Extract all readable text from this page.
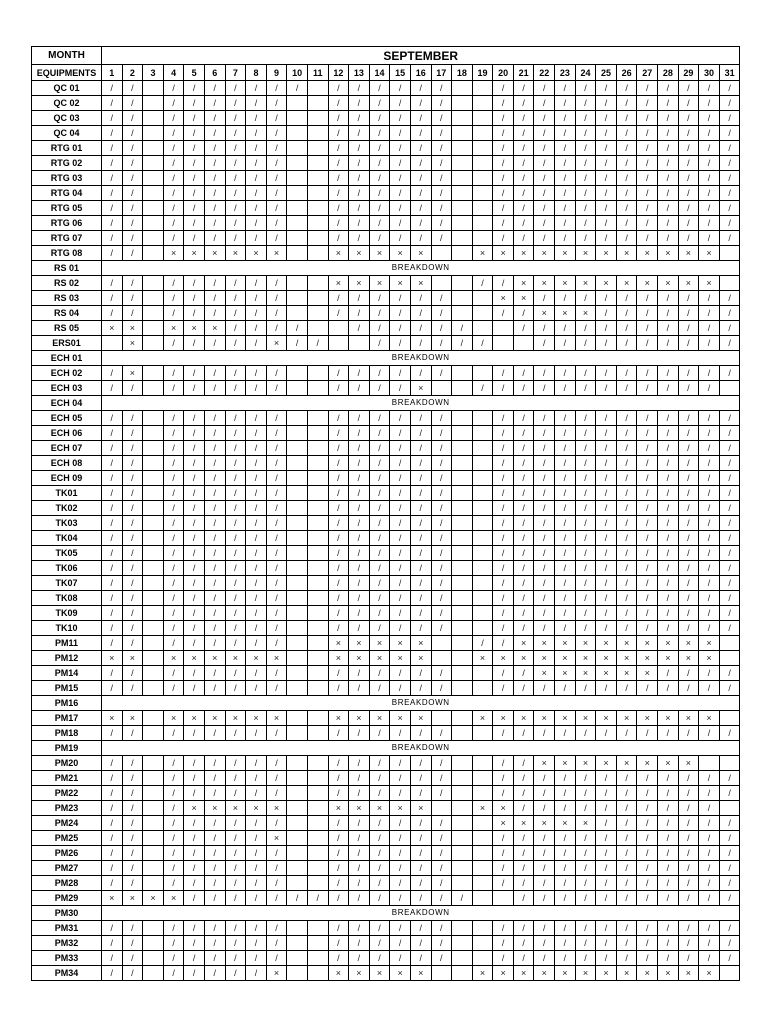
MONTH	SEPTEMBER																														
EQUIPMENTS	1	2	3	4	5	6	7	8	9	10	11	12	13	14	15	16	17	18	19	20	21	22	23	24	25	26	27	28	29	30	31
QC 01	/	/		/	/	/	/	/	/	/		/	/	/	/	/	/			/	/	/	/	/	/	/	/	/	/	/	/
QC 02	/	/		/	/	/	/	/	/			/	/	/	/	/	/			/	/	/	/	/	/	/	/	/	/	/	/
QC 03	/	/		/	/	/	/	/	/			/	/	/	/	/	/			/	/	/	/	/	/	/	/	/	/	/	/
QC 04	/	/		/	/	/	/	/	/			/	/	/	/	/	/			/	/	/	/	/	/	/	/	/	/	/	/
RTG 01	/	/		/	/	/	/	/	/			/	/	/	/	/	/			/	/	/	/	/	/	/	/	/	/	/	/
RTG 02	/	/		/	/	/	/	/	/			/	/	/	/	/	/			/	/	/	/	/	/	/	/	/	/	/	/
RTG 03	/	/		/	/	/	/	/	/			/	/	/	/	/	/			/	/	/	/	/	/	/	/	/	/	/	/
RTG 04	/	/		/	/	/	/	/	/			/	/	/	/	/	/			/	/	/	/	/	/	/	/	/	/	/	/
RTG 05	/	/		/	/	/	/	/	/			/	/	/	/	/	/			/	/	/	/	/	/	/	/	/	/	/	/
RTG 06	/	/		/	/	/	/	/	/			/	/	/	/	/	/			/	/	/	/	/	/	/	/	/	/	/	/
RTG 07	/	/		/	/	/	/	/	/			/	/	/	/	/	/			/	/	/	/	/	/	/	/	/	/	/	/
RTG 08	/	/		×	×	×	×	×	×			×	×	×	×	×			×	×	×	×	×	×	×	×	×	×	×	×	
RS 01	BREAKDOWN																														
RS 02	/	/		/	/	/	/	/	/			×	×	×	×	×			/	/	×	×	×	×	×	×	×	×	×	×	
RS 03	/	/		/	/	/	/	/	/			/	/	/	/	/	/			×	×	/	/	/	/	/	/	/	/	/	/
RS 04	/	/		/	/	/	/	/	/			/	/	/	/	/	/			/	/	×	×	×	/	/	/	/	/	/	/
RS 05	×	×		×	×	×	/	/	/	/			/	/	/	/	/	/			/	/	/	/	/	/	/	/	/	/	/
ERS01		×		/	/	/	/	/	×	/	/			/	/	/	/	/	/			/	/	/	/	/	/	/	/	/	/
ECH 01	BREAKDOWN																														
ECH 02	/	×		/	/	/	/	/	/			/	/	/	/	/	/			/	/	/	/	/	/	/	/	/	/	/	/
ECH 03	/	/		/	/	/	/	/	/			/	/	/	/	×			/	/	/	/	/	/	/	/	/	/	/	/	
ECH 04	BREAKDOWN																														
ECH 05	/	/		/	/	/	/	/	/			/	/	/	/	/	/			/	/	/	/	/	/	/	/	/	/	/	/
ECH 06	/	/		/	/	/	/	/	/			/	/	/	/	/	/			/	/	/	/	/	/	/	/	/	/	/	/
ECH 07	/	/		/	/	/	/	/	/			/	/	/	/	/	/			/	/	/	/	/	/	/	/	/	/	/	/
ECH 08	/	/		/	/	/	/	/	/			/	/	/	/	/	/			/	/	/	/	/	/	/	/	/	/	/	/
ECH 09	/	/		/	/	/	/	/	/			/	/	/	/	/	/			/	/	/	/	/	/	/	/	/	/	/	/
TK01	/	/		/	/	/	/	/	/			/	/	/	/	/	/			/	/	/	/	/	/	/	/	/	/	/	/
TK02	/	/		/	/	/	/	/	/			/	/	/	/	/	/			/	/	/	/	/	/	/	/	/	/	/	/
TK03	/	/		/	/	/	/	/	/			/	/	/	/	/	/			/	/	/	/	/	/	/	/	/	/	/	/
TK04	/	/		/	/	/	/	/	/			/	/	/	/	/	/			/	/	/	/	/	/	/	/	/	/	/	/
TK05	/	/		/	/	/	/	/	/			/	/	/	/	/	/			/	/	/	/	/	/	/	/	/	/	/	/
TK06	/	/		/	/	/	/	/	/			/	/	/	/	/	/			/	/	/	/	/	/	/	/	/	/	/	/
TK07	/	/		/	/	/	/	/	/			/	/	/	/	/	/			/	/	/	/	/	/	/	/	/	/	/	/
TK08	/	/		/	/	/	/	/	/			/	/	/	/	/	/			/	/	/	/	/	/	/	/	/	/	/	/
TK09	/	/		/	/	/	/	/	/			/	/	/	/	/	/			/	/	/	/	/	/	/	/	/	/	/	/
TK10	/	/		/	/	/	/	/	/			/	/	/	/	/	/			/	/	/	/	/	/	/	/	/	/	/	/
PM11	/	/		/	/	/	/	/	/			×	×	×	×	×			/	/	×	×	×	×	×	×	×	×	×	×	
PM12	×	×		×	×	×	×	×	×			×	×	×	×	×			×	×	×	×	×	×	×	×	×	×	×	×	
PM14	/	/		/	/	/	/	/	/			/	/	/	/	/	/			/	/	×	×	×	×	×	×	/	/	/	/
PM15	/	/		/	/	/	/	/	/			/	/	/	/	/	/			/	/	/	/	/	/	/	/	/	/	/	/
PM16	BREAKDOWN																														
PM17	×	×		×	×	×	×	×	×			×	×	×	×	×			×	×	×	×	×	×	×	×	×	×	×	×	
PM18	/	/		/	/	/	/	/	/			/	/	/	/	/	/			/	/	/	/	/	/	/	/	/	/	/	/
PM19	BREAKDOWN																														
PM20	/	/		/	/	/	/	/	/			/	/	/	/	/	/			/	/	×	×	×	×	×	×	×	×		
PM21	/	/		/	/	/	/	/	/			/	/	/	/	/	/			/	/	/	/	/	/	/	/	/	/	/	/
PM22	/	/		/	/	/	/	/	/			/	/	/	/	/	/			/	/	/	/	/	/	/	/	/	/	/	/
PM23	/	/		/	×	×	×	×	×			×	×	×	×	×			×	×	/	/	/	/	/	/	/	/	/	/	
PM24	/	/		/	/	/	/	/	/			/	/	/	/	/	/			×	×	×	×	×	/	/	/	/	/	/	/
PM25	/	/		/	/	/	/	/	×			/	/	/	/	/	/			/	/	/	/	/	/	/	/	/	/	/	/
PM26	/	/		/	/	/	/	/	/			/	/	/	/	/	/			/	/	/	/	/	/	/	/	/	/	/	/
PM27	/	/		/	/	/	/	/	/			/	/	/	/	/	/			/	/	/	/	/	/	/	/	/	/	/	/
PM28	/	/		/	/	/	/	/	/			/	/	/	/	/	/			/	/	/	/	/	/	/	/	/	/	/	/
PM29	×	×	×	×	/	/	/	/	/	/	/	/	/	/	/	/	/	/			/	/	/	/	/	/	/	/	/	/	/
PM30	BREAKDOWN																														
PM31	/	/		/	/	/	/	/	/			/	/	/	/	/	/			/	/	/	/	/	/	/	/	/	/	/	/
PM32	/	/		/	/	/	/	/	/			/	/	/	/	/	/			/	/	/	/	/	/	/	/	/	/	/	/
PM33	/	/		/	/	/	/	/	/			/	/	/	/	/	/			/	/	/	/	/	/	/	/	/	/	/	/
PM34	/	/		/	/	/	/	/	×			×	×	×	×	×			×	×	×	×	×	×	×	×	×	×	×	×	
